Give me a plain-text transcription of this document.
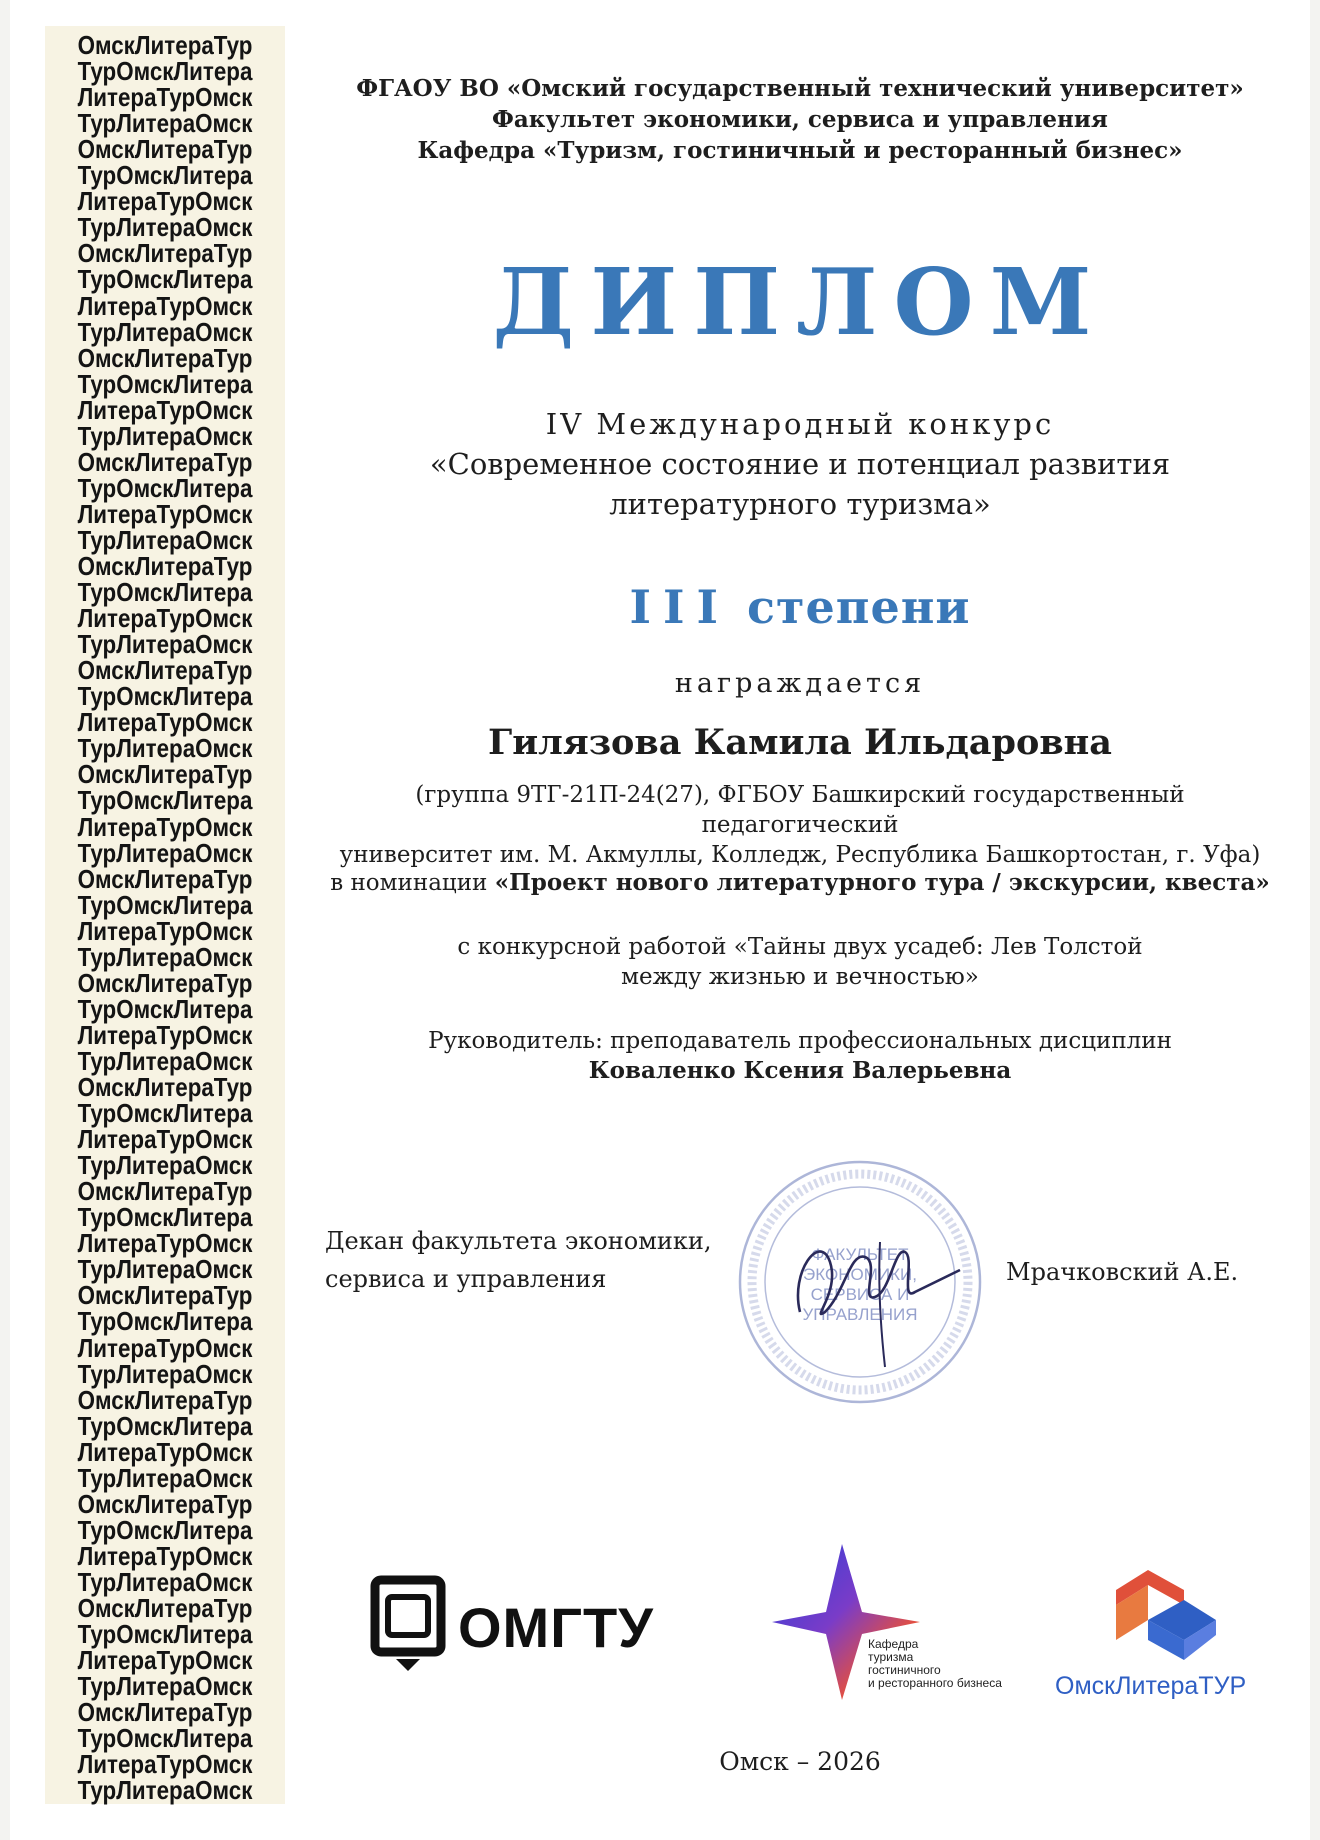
ОмскЛитераТур
ТурОмскЛитера
ЛитераТурОмск
ТурЛитераОмск
ОмскЛитераТур
ТурОмскЛитера
ЛитераТурОмск
ТурЛитераОмск
ОмскЛитераТур
ТурОмскЛитера
ЛитераТурОмск
ТурЛитераОмск
ОмскЛитераТур
ТурОмскЛитера
ЛитераТурОмск
ТурЛитераОмск
ОмскЛитераТур
ТурОмскЛитера
ЛитераТурОмск
ТурЛитераОмск
ОмскЛитераТур
ТурОмскЛитера
ЛитераТурОмск
ТурЛитераОмск
ОмскЛитераТур
ТурОмскЛитера
ЛитераТурОмск
ТурЛитераОмск
ОмскЛитераТур
ТурОмскЛитера
ЛитераТурОмск
ТурЛитераОмск
ОмскЛитераТур
ТурОмскЛитера
ЛитераТурОмск
ТурЛитераОмск
ОмскЛитераТур
ТурОмскЛитера
ЛитераТурОмск
ТурЛитераОмск
ОмскЛитераТур
ТурОмскЛитера
ЛитераТурОмск
ТурЛитераОмск
ОмскЛитераТур
ТурОмскЛитера
ЛитераТурОмск
ТурЛитераОмск
ОмскЛитераТур
ТурОмскЛитера
ЛитераТурОмск
ТурЛитераОмск
ОмскЛитераТур
ТурОмскЛитера
ЛитераТурОмск
ТурЛитераОмск
ОмскЛитераТур
ТурОмскЛитера
ЛитераТурОмск
ТурЛитераОмск
ОмскЛитераТур
ТурОмскЛитера
ЛитераТурОмск
ТурЛитераОмск
ОмскЛитераТур
ТурОмскЛитера
ЛитераТурОмск
ТурЛитераОмск
ФГАОУ ВО «Омский государственный технический университет»
Факультет экономики, сервиса и управления
Кафедра «Туризм, гостиничный и ресторанный бизнес»
ДИПЛОМ
IV Международный конкурс
«Современное состояние и потенциал развития
литературного туризма»
III степени
награждается
Гилязова Камила Ильдаровна
(группа 9ТГ-21П-24(27), ФГБОУ Башкирский государственный педагогический
университет им. М. Акмуллы, Колледж, Республика Башкортостан, г. Уфа)
в номинации «Проект нового литературного тура / экскурсии, квеста»
с конкурсной работой «Тайны двух усадеб: Лев Толстой
между жизнью и вечностью»
Руководитель: преподаватель профессиональных дисциплин
Коваленко Ксения Валерьевна
Декан факультета экономики,
сервиса и управления
ФАКУЛЬТЕТ
ЭКОНОМИКИ,
СЕРВИСА И
УПРАВЛЕНИЯ
Мрачковский А.Е.
ОМГТУ	Кафедра
туризма
гостиничного
и ресторанного бизнеса ОмскЛитераТУР
Омск – 2026
